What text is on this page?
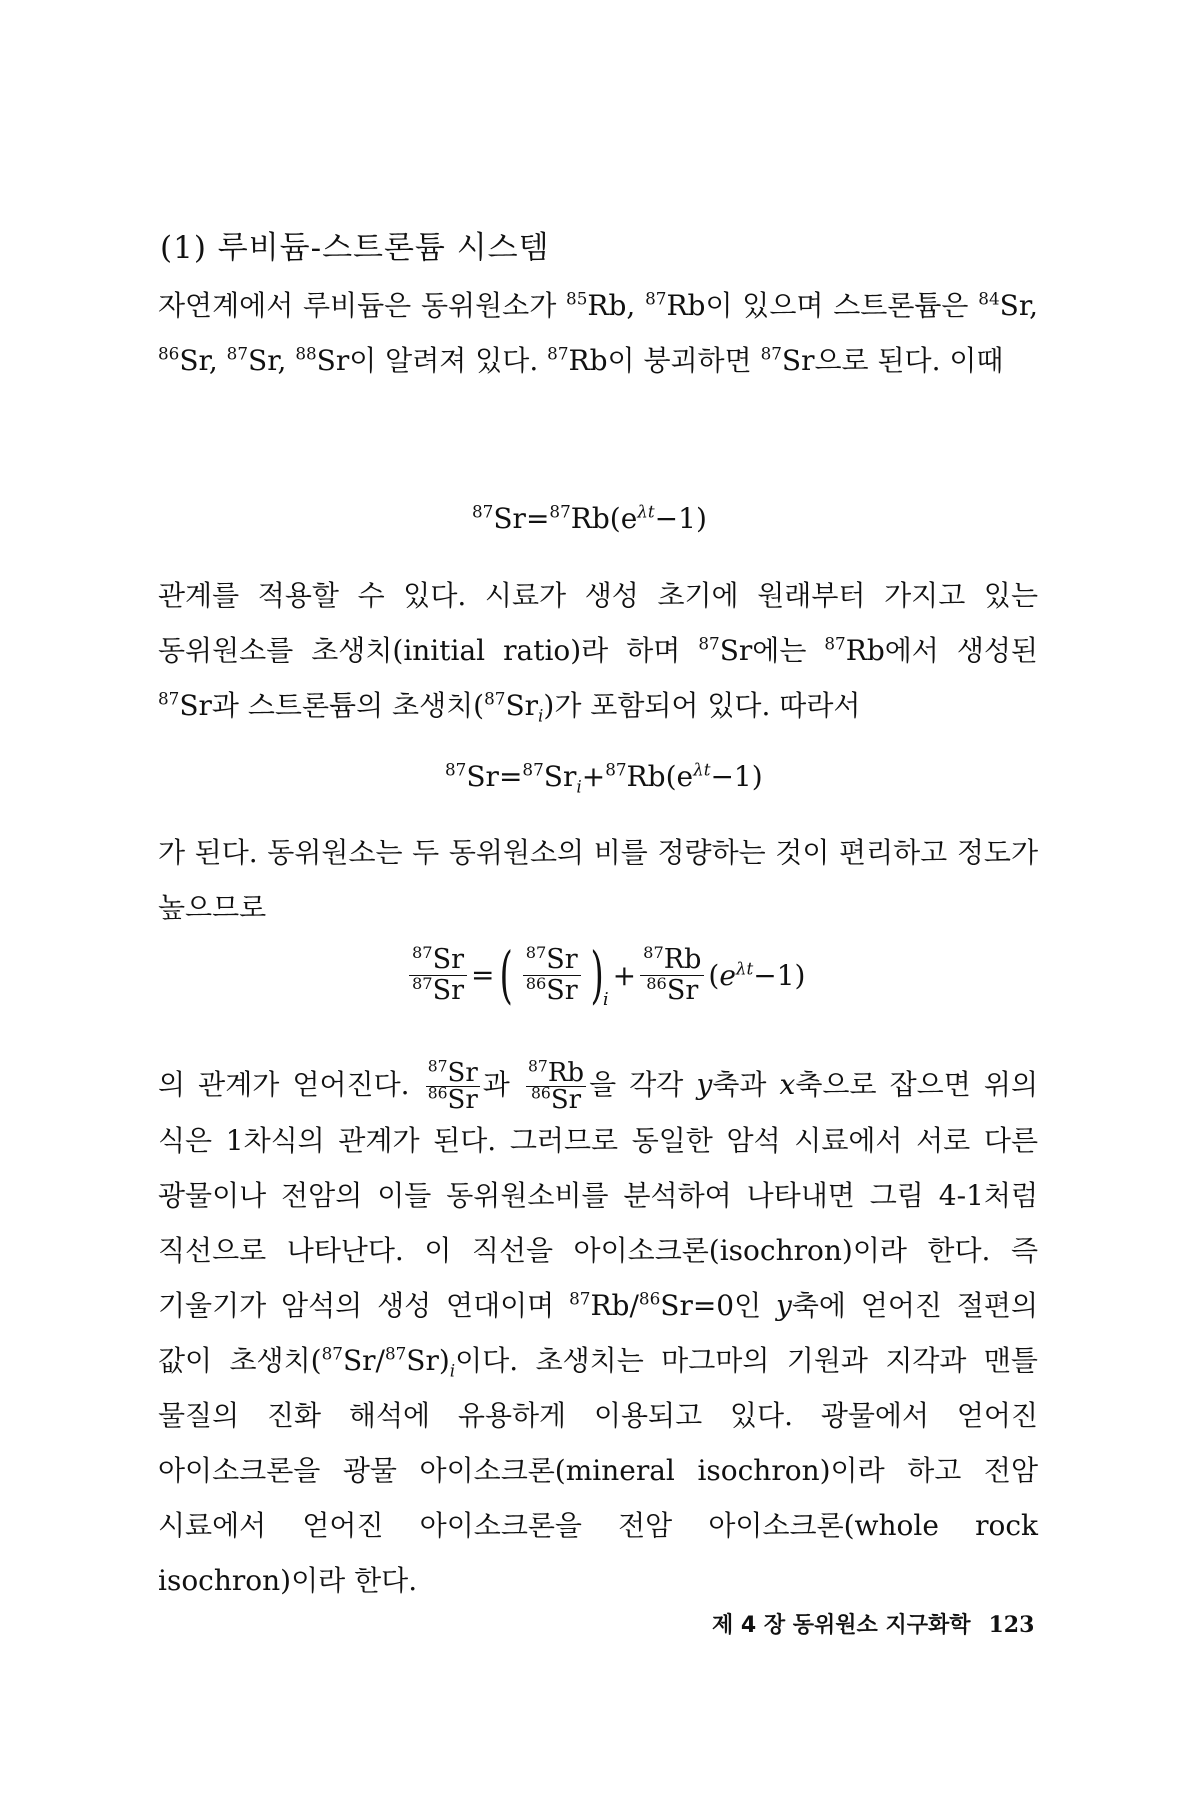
(1) 루비듐-스트론튬 시스템
자연계에서 루비듐은 동위원소가 $^{85}$Rb, $^{87}$Rb이 있으며 스트론튬은 $^{84}$Sr, $^{86}$Sr, $^{87}$Sr, $^{88}$Sr이 알려져 있다. $^{87}$Rb이 붕괴하면 $^{87}$Sr으로 된다. 이때
$^{87}Sr=^{87}Rb(e^{\lambda t}-1)$
관계를 적용할 수 있다. 시료가 생성 초기에 원래부터 가지고 있는 동위원소를 초생치(initial ratio)라 하며 $^{87}$Sr에는 $^{87}$Rb에서 생성된 $^{87}$Sr과 스트론튬의 초생치$(^{87}Sr_i)$가 포함되어 있다. 따라서
$^{87}Sr=^{87}Sr_i+^{87}Rb(e^{\lambda t}-1)$
가 된다. 동위원소는 두 동위원소의 비를 정량하는 것이 편리하고 정도가 높으므로
$\frac{^{87}Sr}{^{87}Sr}$ =( $\frac{^{87}Sr}{^{86}Sr} )_i+ \frac{^{87}Rb}{^{86}Sr} (e^{\lambda t}-1)$
의 관계가 얻어진다. $\frac{^{87}Sr}{^{86}Sr}$ 과 $\frac{^{87}Rb}{^{86}Sr}$ 을 각각 y축과 x축으로 잡으면 위의 식은 1차식의 관계가 된다. 그러므로 동일한 암석 시료에서 서로 다른 광물이나 전암의 이들 동위원소비를 분석하여 나타내면 그림 4-1처럼 직선으로 나타난다. 이 직선을 아이소크론(isochron)이라 한다. 즉 기울기가 암석의 생성 연대이며 $^{87}$Rb/$^{86}$Sr=0인 y축에 얻어진 절편의 값이 초생치$(^{87}Sr/^{87}Sr)_i$이다. 초생치는 마그마의 기원과 지각과 맨틀 물질의 진화 해석에 유용하게 이용되고 있다. 광물에서 얻어진 아이소크론을 광물 아이소크론(mineral isochron)이라 하고 전암 시료에서 얻어진 아이소크론을 전암 아이소크론(whole rock isochron)이라 한다.
제 4 장 동위원소 지구화학 123
